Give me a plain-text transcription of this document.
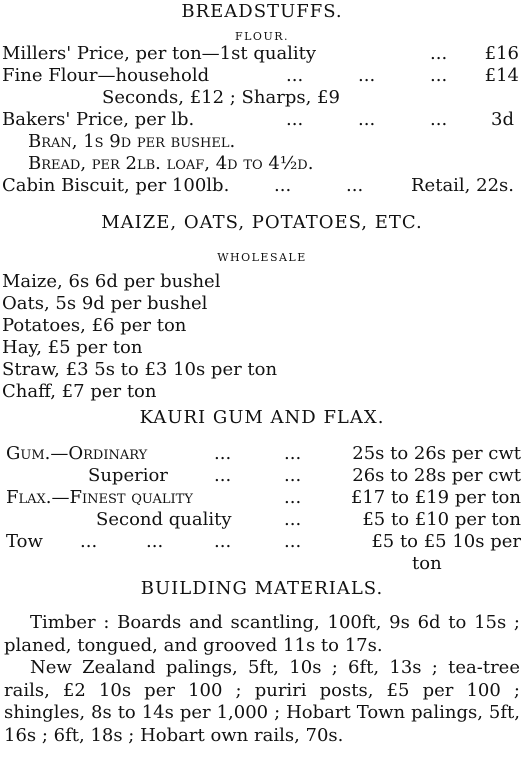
BREADSTUFFS.
FLOUR.
Millers' Price, per ton—1st quality	... £16
Fine Flour—household	...	...	... £14
Seconds, £12 ; Sharps, £9
Bakers' Price, per lb.	...	...	... 3d
Bran, 1s 9d per bushel.
Bread, per 2lb. loaf, 4d to 4½d.
Cabin Biscuit, per 100lb. ...	...	Retail, 22s.
MAIZE, OATS, POTATOES, ETC.
WHOLESALE
Maize, 6s 6d per bushel
Oats, 5s 9d per bushel
Potatoes, £6 per ton
Hay, £5 per ton
Straw, £3 5s to £3 10s per ton
Chaff, £7 per ton
KAURI GUM AND FLAX.
Gum.—Ordinary	...	...	25s to 26s per cwt
Superior	...	...	26s to 28s per cwt
Flax.—Finest quality	...	£17 to £19 per ton
Second quality	...	£5 to £10 per ton
Tow ...	...	...	...	£5 to £5 10s per
ton
BUILDING MATERIALS.
Timber : Boards and scantling, 100ft, 9s 6d to 15s ; planed, tongued, and grooved 11s to 17s.
New Zealand palings, 5ft, 10s ; 6ft, 13s ; tea-tree rails, £2 10s per 100 ; puriri posts, £5 per 100 ; shingles, 8s to 14s per 1,000 ; Hobart Town palings, 5ft, 16s ; 6ft, 18s ; Hobart own rails, 70s.
